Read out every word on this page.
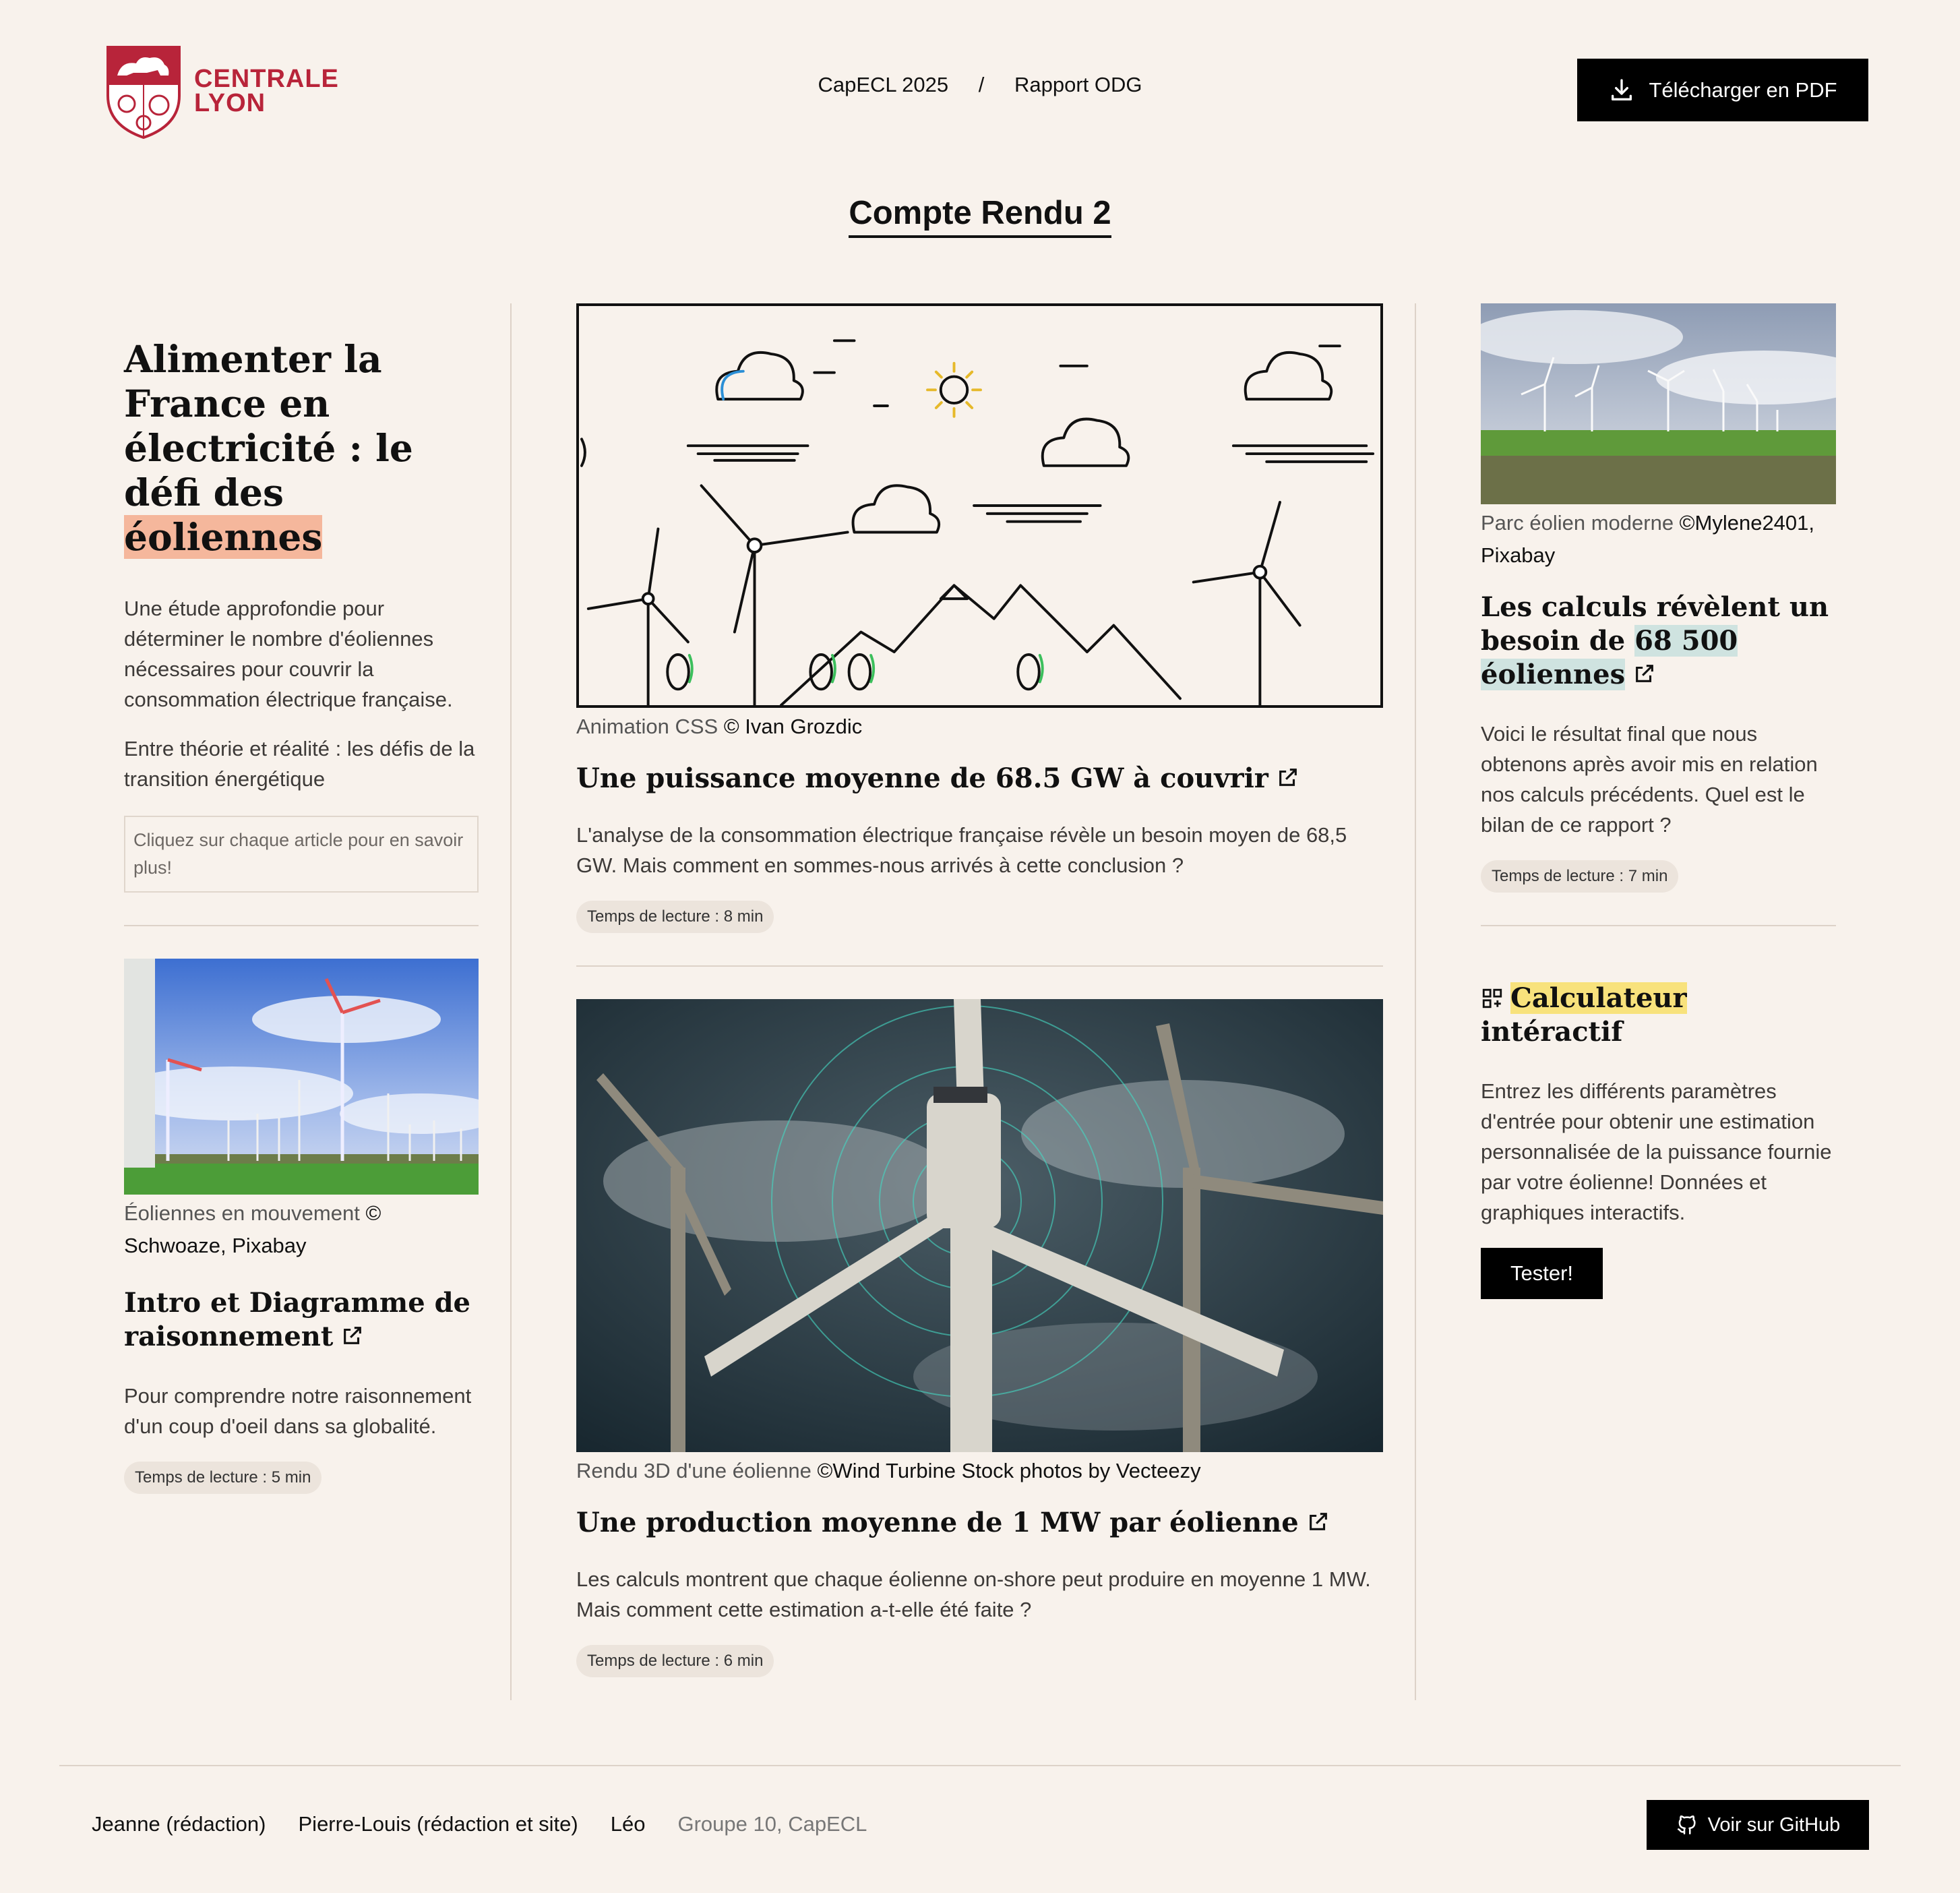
CENTRALE
LYON
CapECL 2025 / Rapport ODG	Télécharger en PDF
Compte Rendu 2
Alimenter la France en électricité : le défi des éoliennes

Une étude approfondie pour déterminer le nombre d'éoliennes nécessaires pour couvrir la consommation électrique française.

Entre théorie et réalité : les défis de la transition énergétique

Cliquez sur chaque article pour en savoir plus!

Éoliennes en mouvement © Schwoaze, Pixabay

Intro et Diagramme de raisonnement

Pour comprendre notre raisonnement d'un coup d'oeil dans sa globalité.

Temps de lecture : 5 min

Animation CSS © Ivan Grozdic

Une puissance moyenne de 68.5 GW à couvrir

L'analyse de la consommation électrique française révèle un besoin moyen de 68,5 GW. Mais comment en sommes-nous arrivés à cette conclusion ?

Temps de lecture : 8 min

Rendu 3D d'une éolienne ©Wind Turbine Stock photos by Vecteezy

Une production moyenne de 1 MW par éolienne

Les calculs montrent que chaque éolienne on-shore peut produire en moyenne 1 MW. Mais comment cette estimation a-t-elle été faite ?

Temps de lecture : 6 min

Parc éolien moderne ©Mylene2401, Pixabay

Les calculs révèlent un besoin de 68 500 éoliennes

Voici le résultat final que nous obtenons après avoir mis en relation nos calculs précédents. Quel est le bilan de ce rapport ?

Temps de lecture : 7 min
Calculateur intéractif

Entrez les différents paramètres d'entrée pour obtenir une estimation personnalisée de la puissance fournie par votre éolienne! Données et graphiques interactifs.

Tester!
Jeanne (rédaction) Pierre-Louis (rédaction et site) Léo Groupe 10, CapECL	Voir sur GitHub
